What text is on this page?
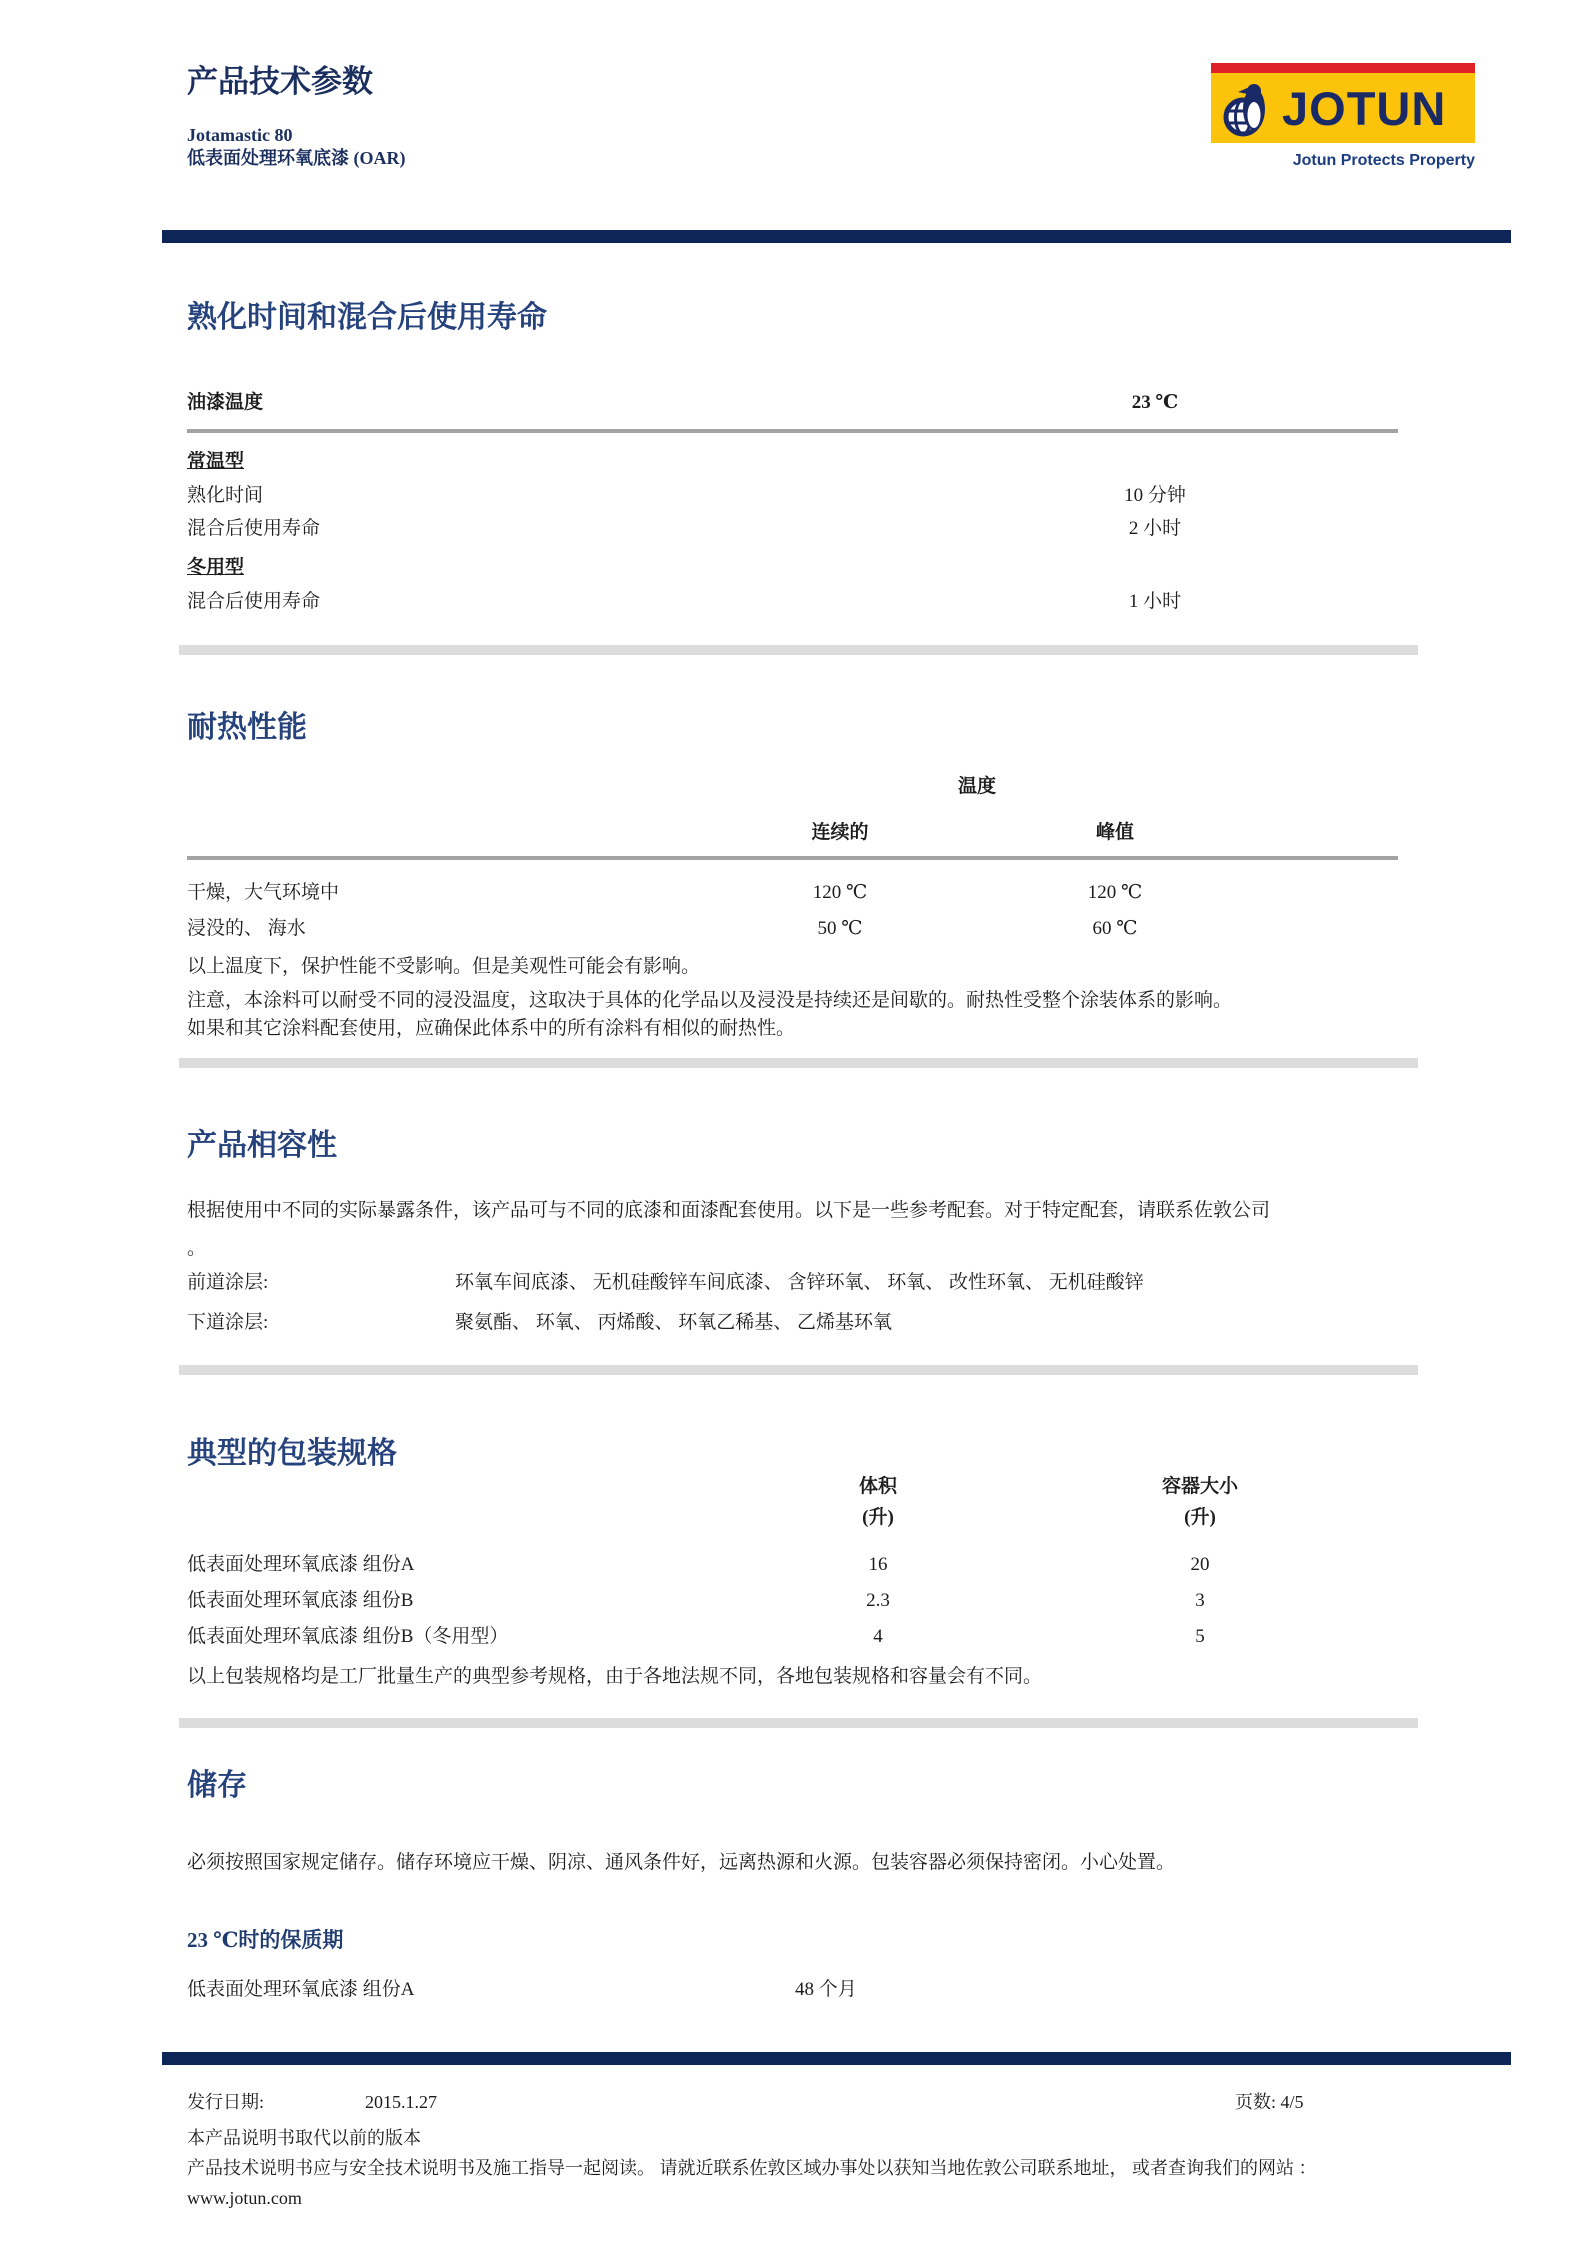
产品技术参数
Jotamastic 80
低表面处理环氧底漆 (OAR)
JOTUN
Jotun Protects Property
熟化时间和混合后使用寿命
油漆温度	23 ℃
常温型
熟化时间	10 分钟
混合后使用寿命	2 小时
冬用型
混合后使用寿命	1 小时
耐热性能
温度
连续的	峰值
干燥，大气环境中	120 ℃	120 ℃
浸没的、 海水	50 ℃	60 ℃
以上温度下，保护性能不受影响。但是美观性可能会有影响。
注意，本涂料可以耐受不同的浸没温度，这取决于具体的化学品以及浸没是持续还是间歇的。耐热性受整个涂装体系的影响。
如果和其它涂料配套使用，应确保此体系中的所有涂料有相似的耐热性。
产品相容性
根据使用中不同的实际暴露条件，该产品可与不同的底漆和面漆配套使用。以下是一些参考配套。对于特定配套，请联系佐敦公司
。
前道涂层:	环氧车间底漆、 无机硅酸锌车间底漆、 含锌环氧、 环氧、 改性环氧、 无机硅酸锌
下道涂层:	聚氨酯、 环氧、 丙烯酸、 环氧乙稀基、 乙烯基环氧
典型的包装规格
体积
(升)
容器大小
(升)
低表面处理环氧底漆 组份A	16	20
低表面处理环氧底漆 组份B	2.3	3
低表面处理环氧底漆 组份B（冬用型）	4	5
以上包装规格均是工厂批量生产的典型参考规格，由于各地法规不同，各地包装规格和容量会有不同。
储存
必须按照国家规定储存。储存环境应干燥、阴凉、通风条件好，远离热源和火源。包装容器必须保持密闭。小心处置。
23 ℃时的保质期
低表面处理环氧底漆 组份A	48 个月
发行日期:	2015.1.27	页数: 4/5
本产品说明书取代以前的版本
产品技术说明书应与安全技术说明书及施工指导一起阅读。 请就近联系佐敦区域办事处以获知当地佐敦公司联系地址， 或者查询我们的网站 ：
www.jotun.com
